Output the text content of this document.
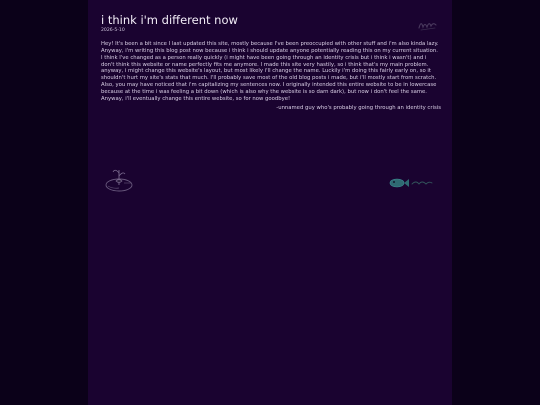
i think i'm different now
2026-5-10

Hey! It's been a bit since I last updated this site, mostly because I've been preoccupied with other stuff and i'm also kinda lazy. Anyway, i'm writing this blog post now because i think i should update anyone potentially reading this on my current situation.

I think I've changed as a person really quickly (i might have been going through an identity crisis but i think i wasn't) and i don't think this website or name perfectly fits me anymore. I made this site very hastily, so i think that's my main problem. anyway, i might change this website's layout, but most likely i'll change the name. Luckily i'm doing this fairly early on, so it shouldn't hurt my site's stats that much. I'll probably save most of the old blog posts i made, but i'll mostly start from scratch.

Also, you may have noticed that i'm capitalizing my sentences now. I originally intended this entire website to be in lowercase because at the time i was feeling a bit down (which is also why the website is so darn dark), but now i don't feel the same.

Anyway, i'll eventually change this entire website, so for now goodbye!

-unnamed guy who's probably going through an identity crisis
